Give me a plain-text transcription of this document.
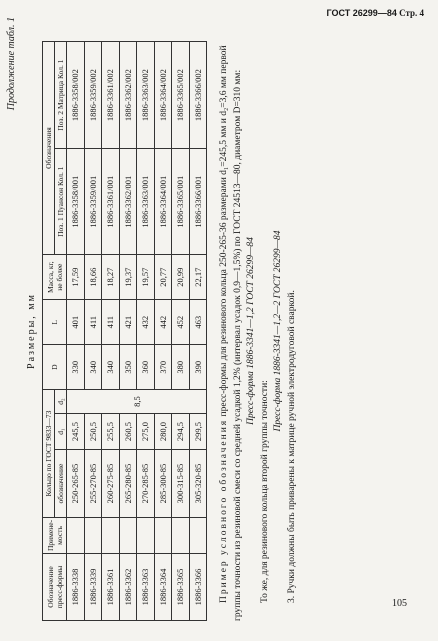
ГОСТ 26299—84 Стр. 4
Продолжение табл. 1
Размеры, мм
Обозначение пресс-формы	Примене-мость	Кольцо по ГОСТ 9833—73			D	L	Масса, кг, не более	Обозначения	
		обозначение	d₁	d₂				Поз. 1 Пуансон Кол. 1	Поз. 2 Матрица Кол. 1
1886-3338		250-265-85	245,5	8,5	330	401	17,59	1886-3358/001	1886-3358/002
1886-3339		255-270-85	250,5		340	411	18,66	1886-3359/001	1886-3359/002
1886-3361		260-275-85	255,5		340	411	18,27	1886-3361/001	1886-3361/002
1886-3362		265-280-85	260,5		350	421	19,37	1886-3362/001	1886-3362/002
1886-3363		270-285-85	275,0		360	432	19,57	1886-3363/001	1886-3363/002
1886-3364		285-300-85	280,0		370	442	20,77	1886-3364/001	1886-3364/002
1886-3365		300-315-85	294,5		380	452	20,99	1886-3365/001	1886-3365/002
1886-3366		305-320-85	299,5		390	463	22,17	1886-3366/001	1886-3366/002

Пример условного обозначения пресс-формы для резинового кольца 250-265-36 размерами d₁=245,5 мм и d₂=3,6 мм первой группы точности из резиновой смеси со средней усадкой 1,2% (интервал усадок 0,9—1,5%) по ГОСТ 24513—80, диаметром D=310 мм: Пресс-форма 1886-3341—1,2 ГОСТ 26299—84

То же, для резинового кольца второй группы точности:

Пресс-форма 1886-3341—1,2—2 ГОСТ 26299—84 3. Ручки должны быть приварены к матрице ручной электродуговой сваркой.

105
